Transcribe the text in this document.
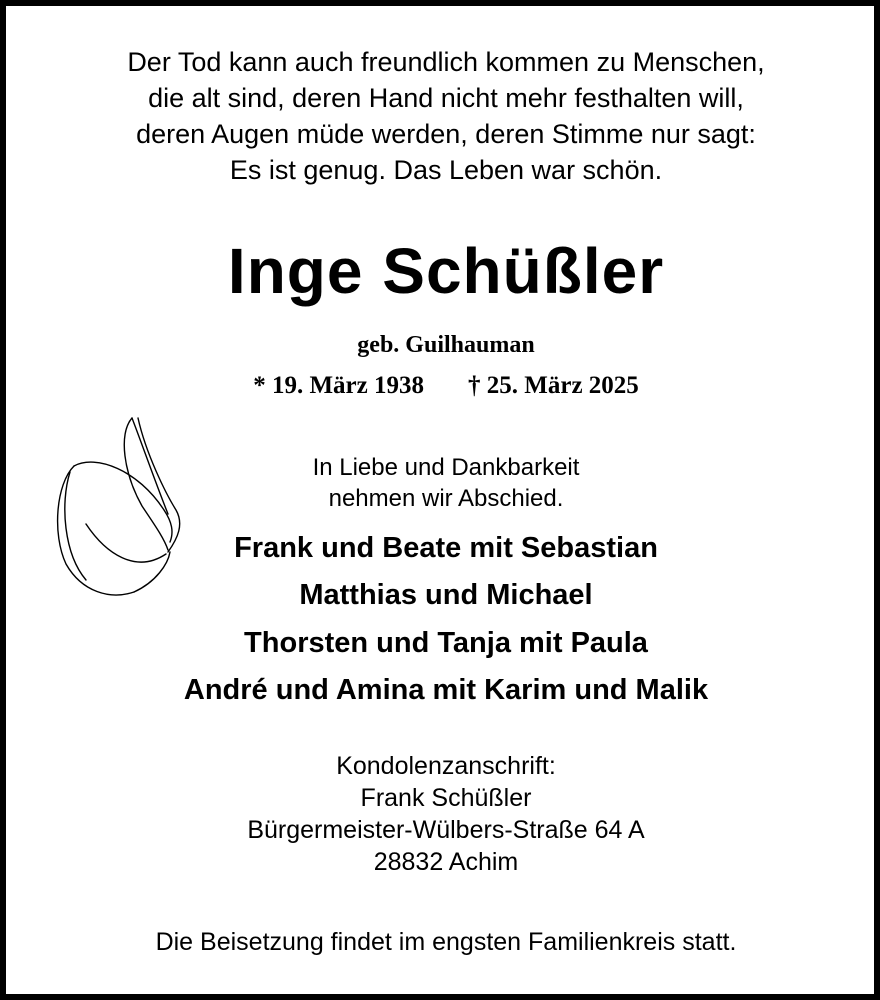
Der Tod kann auch freundlich kommen zu Menschen,
die alt sind, deren Hand nicht mehr festhalten will,
deren Augen müde werden, deren Stimme nur sagt:
Es ist genug. Das Leben war schön.
Inge Schüßler
geb. Guilhauman
* 19. März 1938 † 25. März 2025
In Liebe und Dankbarkeit
nehmen wir Abschied.
Frank und Beate mit Sebastian
Matthias und Michael
Thorsten und Tanja mit Paula
André und Amina mit Karim und Malik
Kondolenzanschrift:
Frank Schüßler
Bürgermeister-Wülbers-Straße 64 A
28832 Achim
Die Beisetzung findet im engsten Familienkreis statt.
